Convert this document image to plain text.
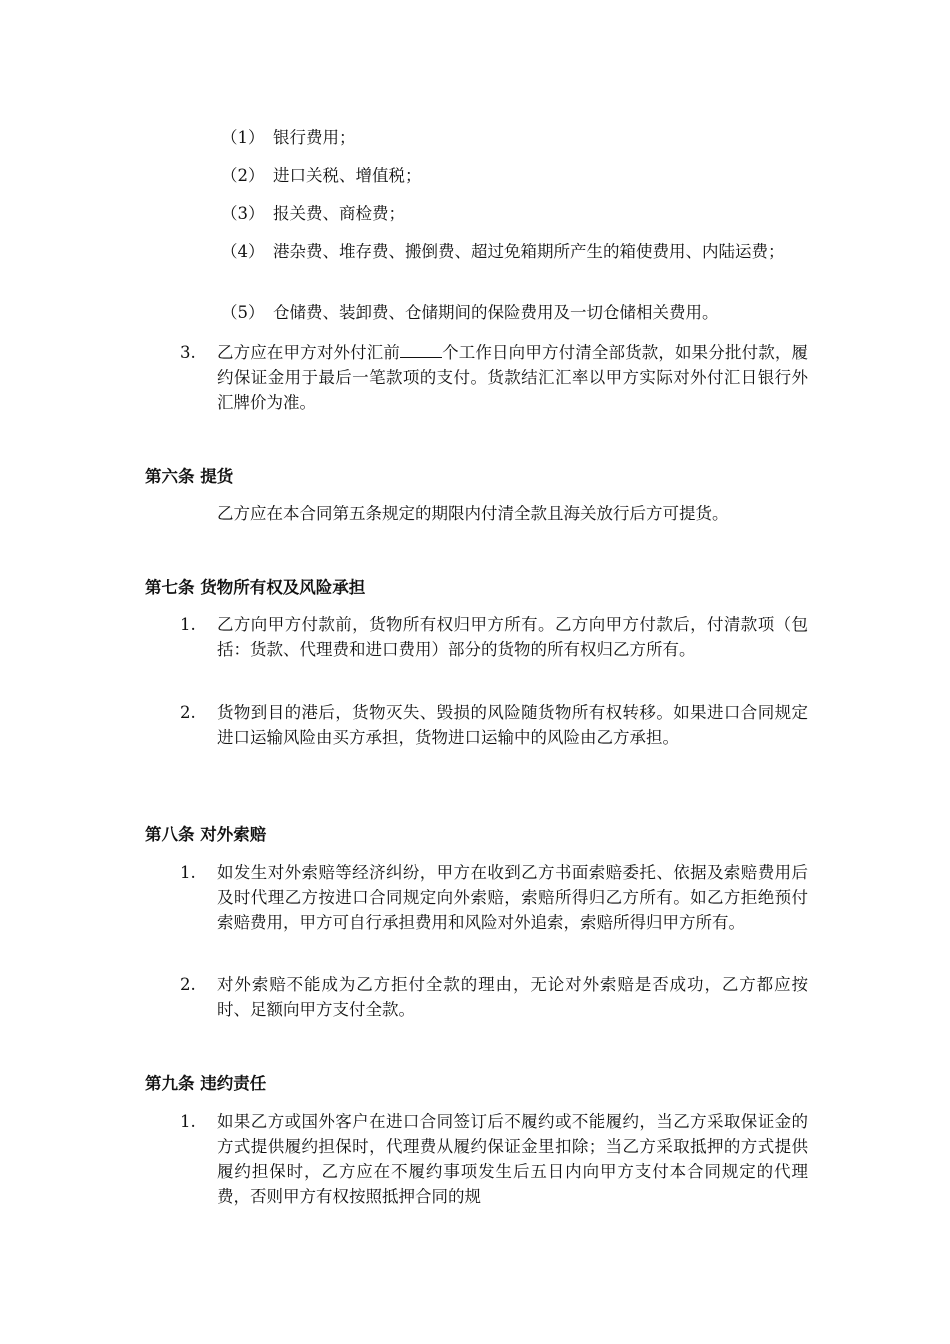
（1） 银行费用；
（2） 进口关税、增值税；
（3） 报关费、商检费；
（4） 港杂费、堆存费、搬倒费、超过免箱期所产生的箱使费用、内陆运费；
（5） 仓储费、装卸费、仓储期间的保险费用及一切仓储相关费用。
3. 乙方应在甲方对外付汇前	个工作日向甲方付清全部货款，如果分批付款，履约保证金用于最后一笔款项的支付。货款结汇汇率以甲方实际对外付汇日银行外汇牌价为准。
第六条 提货
乙方应在本合同第五条规定的期限内付清全款且海关放行后方可提货。
第七条 货物所有权及风险承担
1. 乙方向甲方付款前，货物所有权归甲方所有。乙方向甲方付款后，付清款项（包括：货款、代理费和进口费用）部分的货物的所有权归乙方所有。
2. 货物到目的港后，货物灭失、毁损的风险随货物所有权转移。如果进口合同规定进口运输风险由买方承担，货物进口运输中的风险由乙方承担。
第八条 对外索赔
1. 如发生对外索赔等经济纠纷，甲方在收到乙方书面索赔委托、依据及索赔费用后及时代理乙方按进口合同规定向外索赔，索赔所得归乙方所有。如乙方拒绝预付索赔费用，甲方可自行承担费用和风险对外追索，索赔所得归甲方所有。
2. 对外索赔不能成为乙方拒付全款的理由，无论对外索赔是否成功，乙方都应按时、足额向甲方支付全款。
第九条 违约责任
1. 如果乙方或国外客户在进口合同签订后不履约或不能履约，当乙方采取保证金的方式提供履约担保时，代理费从履约保证金里扣除；当乙方采取抵押的方式提供履约担保时，乙方应在不履约事项发生后五日内向甲方支付本合同规定的代理费，否则甲方有权按照抵押合同的规
